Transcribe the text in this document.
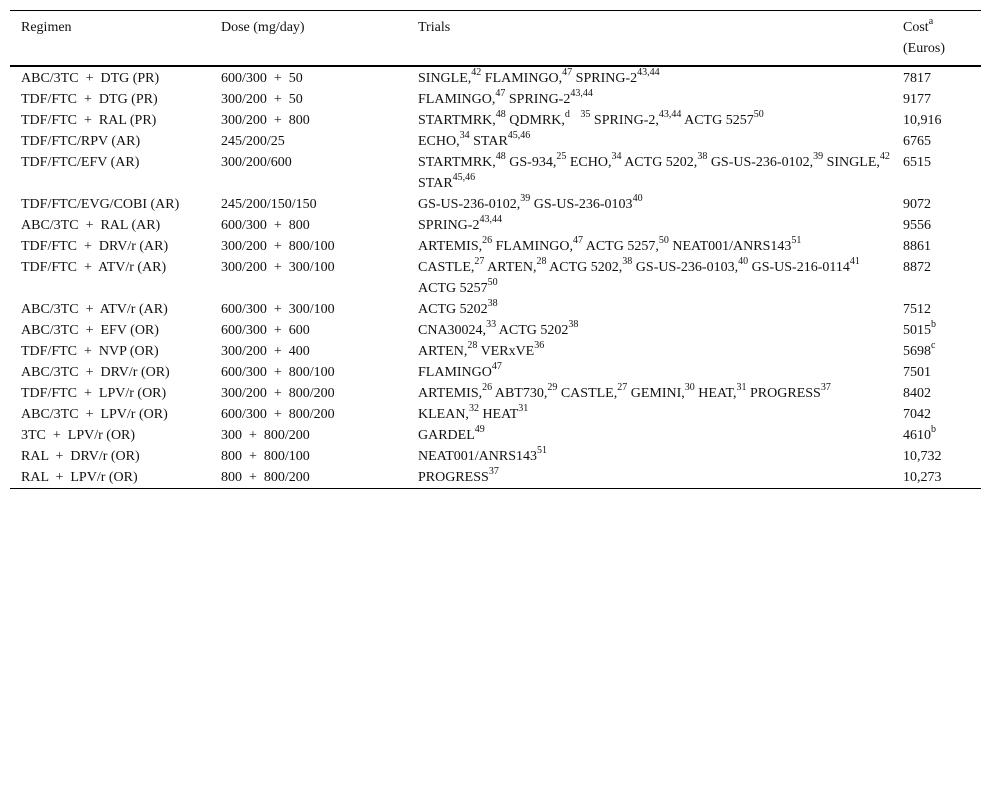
Regimen	Dose (mg/day)	Trials	Cost$^a$
(Euros)
ABC/3TC  +  DTG (PR)	600/300  +  50	SINGLE,$^{42}$ FLAMINGO,$^{47}$ SPRING-2$^{43,44}$	7817
TDF/FTC  +  DTG (PR)	300/200  +  50	FLAMINGO,$^{47}$ SPRING-2$^{43,44}$	9177
TDF/FTC  +  RAL (PR)	300/200  +  800	STARTMRK,$^{48}$ QDMRK,$^d$ $^{35}$ SPRING-2,$^{43,44}$ ACTG 5257$^{50}$	10,916
TDF/FTC/RPV (AR)	245/200/25	ECHO,$^{34}$ STAR$^{45,46}$	6765
TDF/FTC/EFV (AR)	300/200/600	STARTMRK,$^{48}$ GS-934,25 ECHO,$^{34}$ ACTG 5202,38 GS-US-236-0102,39 SINGLE,$^{42}$ STAR$^{45,46}$	6515
TDF/FTC/EVG/COBI (AR)	245/200/150/150	GS-US-236-0102,39 GS-US-236-0103$^{40}$	9072
ABC/3TC  +  RAL (AR)	600/300  +  800	SPRING-2$^{43,44}$	9556
TDF/FTC  +  DRV/r (AR)	300/200  +  800/100	ARTEMIS,$^{26}$ FLAMINGO,$^{47}$ ACTG 5257,50 $NEAT001/ANRS143^{51}$	8861
TDF/FTC  +  ATV/r (AR)	300/200  +  300/100	CASTLE,$^{27}$ ARTEN,$^{28}$ ACTG 5202,38 GS-US-236-0103,40 GS-US-216-0114$^{41}$ ACTG 5257$^{50}$	8872
ABC/3TC  +  ATV/r (AR)	600/300  +  300/100	ACTG 5202$^{38}$	7512
ABC/3TC  +  EFV (OR)	600/300  +  600	CNA30024,33 ACTG 5202$^{38}$	5015$^b$
TDF/FTC  +  NVP (OR)	300/200  +  400	ARTEN,$^{28}$ VERxVE$^{36}$	5698$^c$
ABC/3TC  +  DRV/r (OR)	600/300  +  800/100	FLAMINGO$^{47}$	7501
TDF/FTC  +  LPV/r (OR)	300/200  +  800/200	ARTEMIS,$^{26}$ ABT730,29 CASTLE,$^{27}$ GEMINI,$^{30}$ HEAT,$^{31}$ PROGRESS$^{37}$	8402
ABC/3TC  +  LPV/r (OR)	600/300  +  800/200	KLEAN,$^{32}$ HEAT$^{31}$	7042
3TC  +  LPV/r (OR)	300  +  800/200	GARDEL$^{49}$	4610$^b$
RAL  +  DRV/r (OR)	800  +  800/100	$NEAT001/ANRS143^{51}$	10,732
RAL  +  LPV/r (OR)	800  +  800/200	PROGRESS$^{37}$	10,273
